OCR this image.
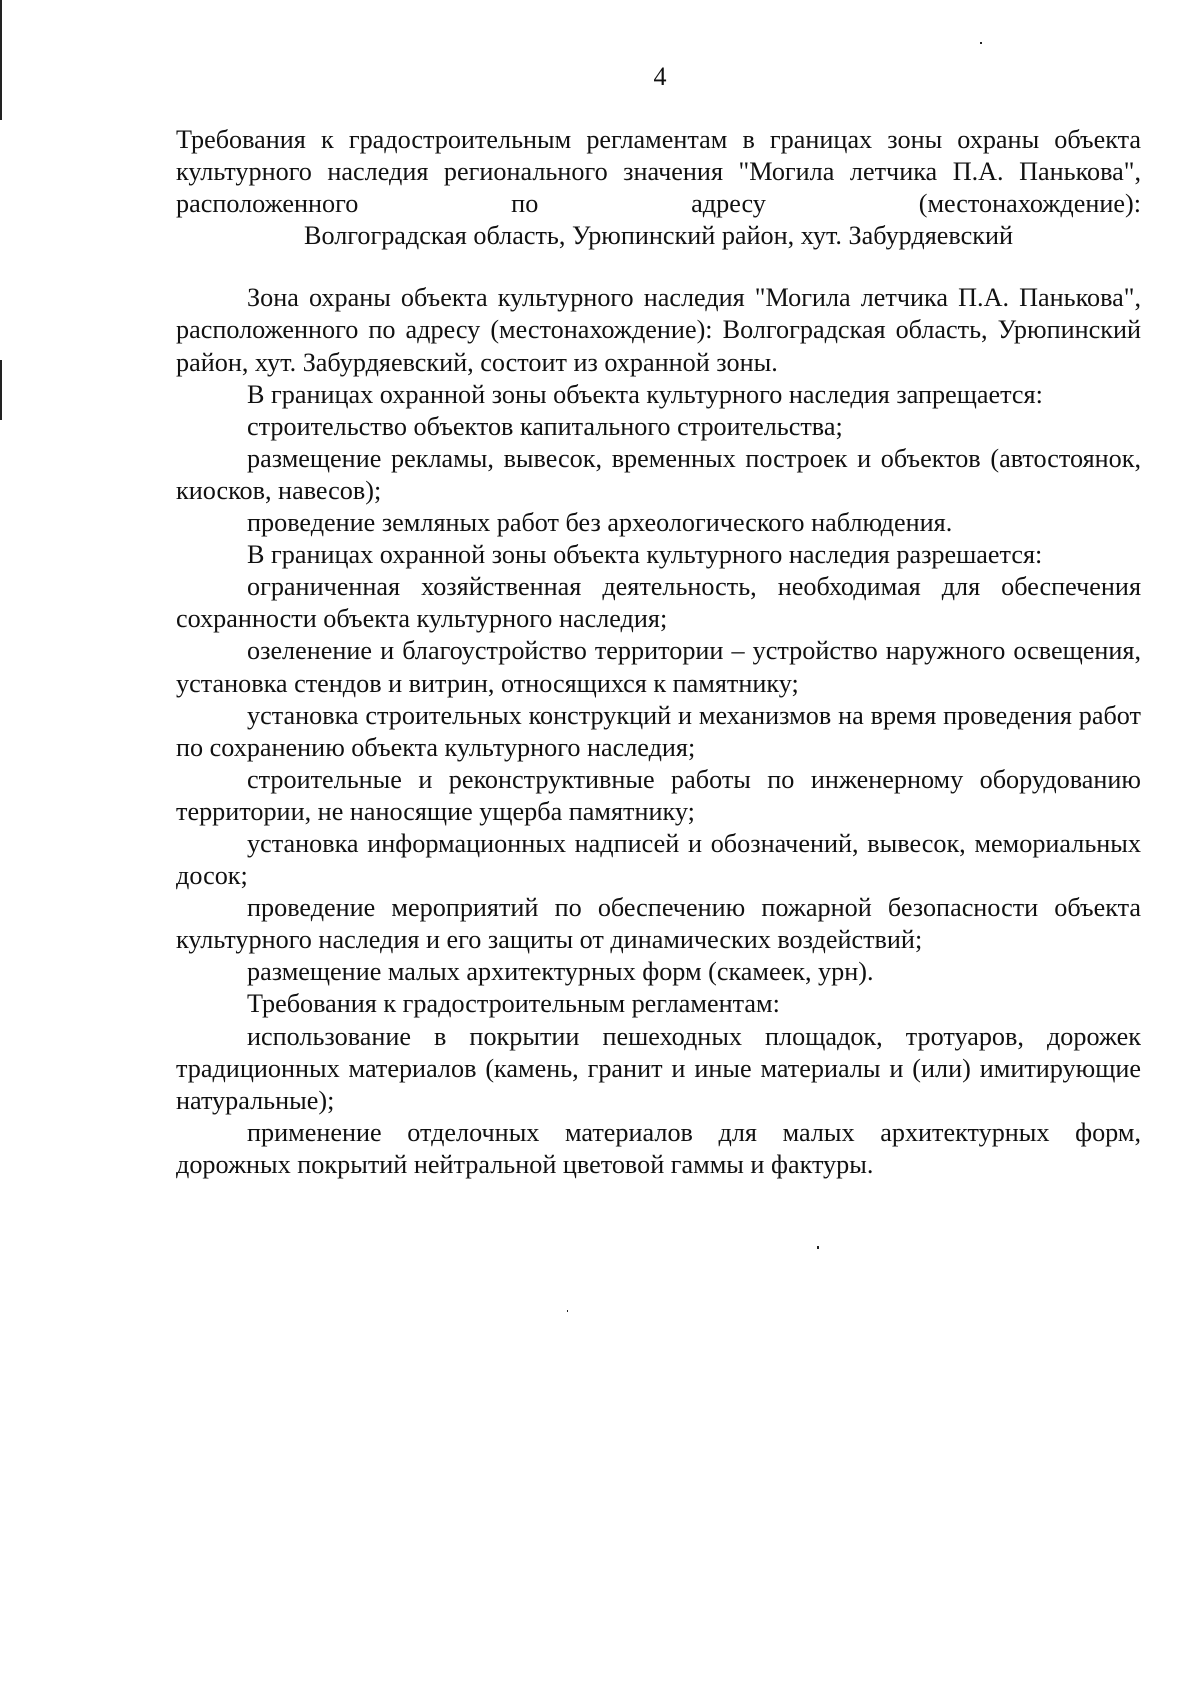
4

Требования к градостроительным регламентам в границах зоны охраны объекта культурного наследия регионального значения "Могила летчика П.А. Панькова", расположенного по адресу (местонахождение):

Волгоградская область, Урюпинский район, хут. Забурдяевский

Зона охраны объекта культурного наследия "Могила летчика П.А. Панькова", расположенного по адресу (местонахождение): Волгоградская область, Урюпинский район, хут. Забурдяевский, состоит из охранной зоны.

В границах охранной зоны объекта культурного наследия запрещается:

строительство объектов капитального строительства;

размещение рекламы, вывесок, временных построек и объектов (автостоянок, киосков, навесов);

проведение земляных работ без археологического наблюдения.

В границах охранной зоны объекта культурного наследия разрешается:

ограниченная хозяйственная деятельность, необходимая для обеспечения сохранности объекта культурного наследия;

озеленение и благоустройство территории – устройство наружного освещения, установка стендов и витрин, относящихся к памятнику;

установка строительных конструкций и механизмов на время проведения работ по сохранению объекта культурного наследия;

строительные и реконструктивные работы по инженерному оборудованию территории, не наносящие ущерба памятнику;

установка информационных надписей и обозначений, вывесок, мемориальных досок;

проведение мероприятий по обеспечению пожарной безопасности объекта культурного наследия и его защиты от динамических воздействий;

размещение малых архитектурных форм (скамеек, урн).

Требования к градостроительным регламентам:

использование в покрытии пешеходных площадок, тротуаров, дорожек традиционных материалов (камень, гранит и иные материалы и (или) имитирующие натуральные);

применение отделочных материалов для малых архитектурных форм, дорожных покрытий нейтральной цветовой гаммы и фактуры.
